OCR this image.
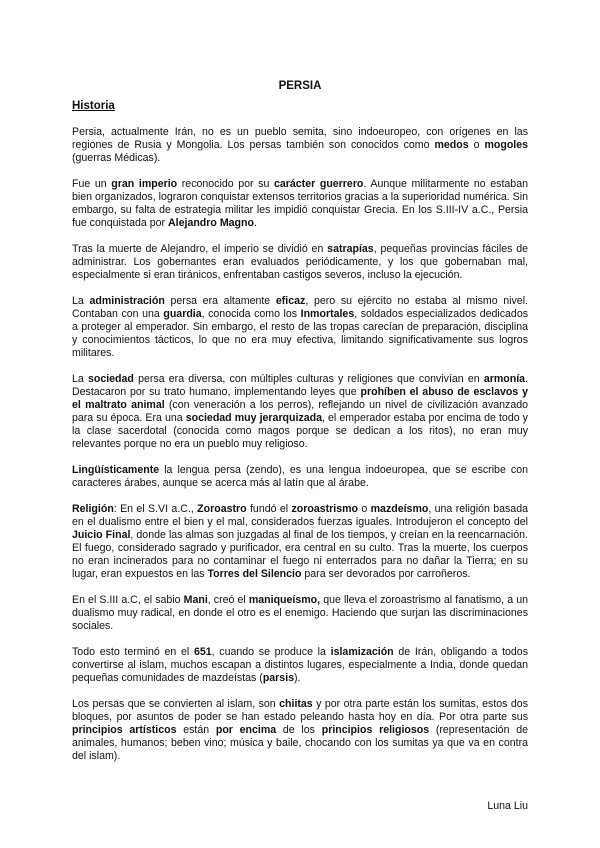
PERSIA
Historia

Persia, actualmente Irán, no es un pueblo semita, sino indoeuropeo, con orígenes en las regiones de Rusia y Mongolia. Los persas también son conocidos como medos o mogoles (guerras Médicas).

Fue un gran imperio reconocido por su carácter guerrero. Aunque militarmente no estaban bien organizados, lograron conquistar extensos territorios gracias a la superioridad numérica. Sin embargo, su falta de estrategia militar les impidió conquistar Grecia. En los S.III-IV a.C., Persia fue conquistada por Alejandro Magno.

Tras la muerte de Alejandro, el imperio se dividió en satrapías, pequeñas provincias fáciles de administrar. Los gobernantes eran evaluados periódicamente, y los que gobernaban mal, especialmente si eran tiránicos, enfrentaban castigos severos, incluso la ejecución.

La administración persa era altamente eficaz, pero su ejército no estaba al mismo nivel. Contaban con una guardia, conocida como los Inmortales, soldados especializados dedicados a proteger al emperador. Sin embargo, el resto de las tropas carecían de preparación, disciplina y conocimientos tácticos, lo que no era muy efectiva, limitando significativamente sus logros militares.

La sociedad persa era diversa, con múltiples culturas y religiones que convivían en armonía. Destacaron por su trato humano, implementando leyes que prohíben el abuso de esclavos y el maltrato animal (con veneración a los perros), reflejando un nivel de civilización avanzado para su época. Era una sociedad muy jerarquizada, el emperador estaba por encima de todo y la clase sacerdotal (conocida como magos porque se dedican a los ritos), no eran muy relevantes porque no era un pueblo muy religioso.

Lingüísticamente la lengua persa (zendo), es una lengua indoeuropea, que se escribe con caracteres árabes, aunque se acerca más al latín que al árabe.

Religión: En el S.VI a.C., Zoroastro fundó el zoroastrismo o mazdeísmo, una religión basada en el dualismo entre el bien y el mal, considerados fuerzas iguales. Introdujeron el concepto del Juicio Final, donde las almas son juzgadas al final de los tiempos, y creían en la reencarnación. El fuego, considerado sagrado y purificador, era central en su culto. Tras la muerte, los cuerpos no eran incinerados para no contaminar el fuego ni enterrados para no dañar la Tierra; en su lugar, eran expuestos en las Torres del Silencio para ser devorados por carroñeros.

En el S.III a.C, el sabio Mani, creó el maniqueísmo, que lleva el zoroastrismo al fanatismo, a un dualismo muy radical, en donde el otro es el enemigo. Haciendo que surjan las discriminaciones sociales.

Todo esto terminó en el 651, cuando se produce la islamización de Irán, obligando a todos convertirse al islam, muchos escapan a distintos lugares, especialmente a India, donde quedan pequeñas comunidades de mazdeístas (parsis).

Los persas que se convierten al islam, son chiitas y por otra parte están los sumitas, estos dos bloques, por asuntos de poder se han estado peleando hasta hoy en día. Por otra parte sus principios artísticos están por encima de los principios religiosos (representación de animales, humanos; beben vino; música y baile, chocando con los sumitas ya que va en contra del islam).

Luna Liu
